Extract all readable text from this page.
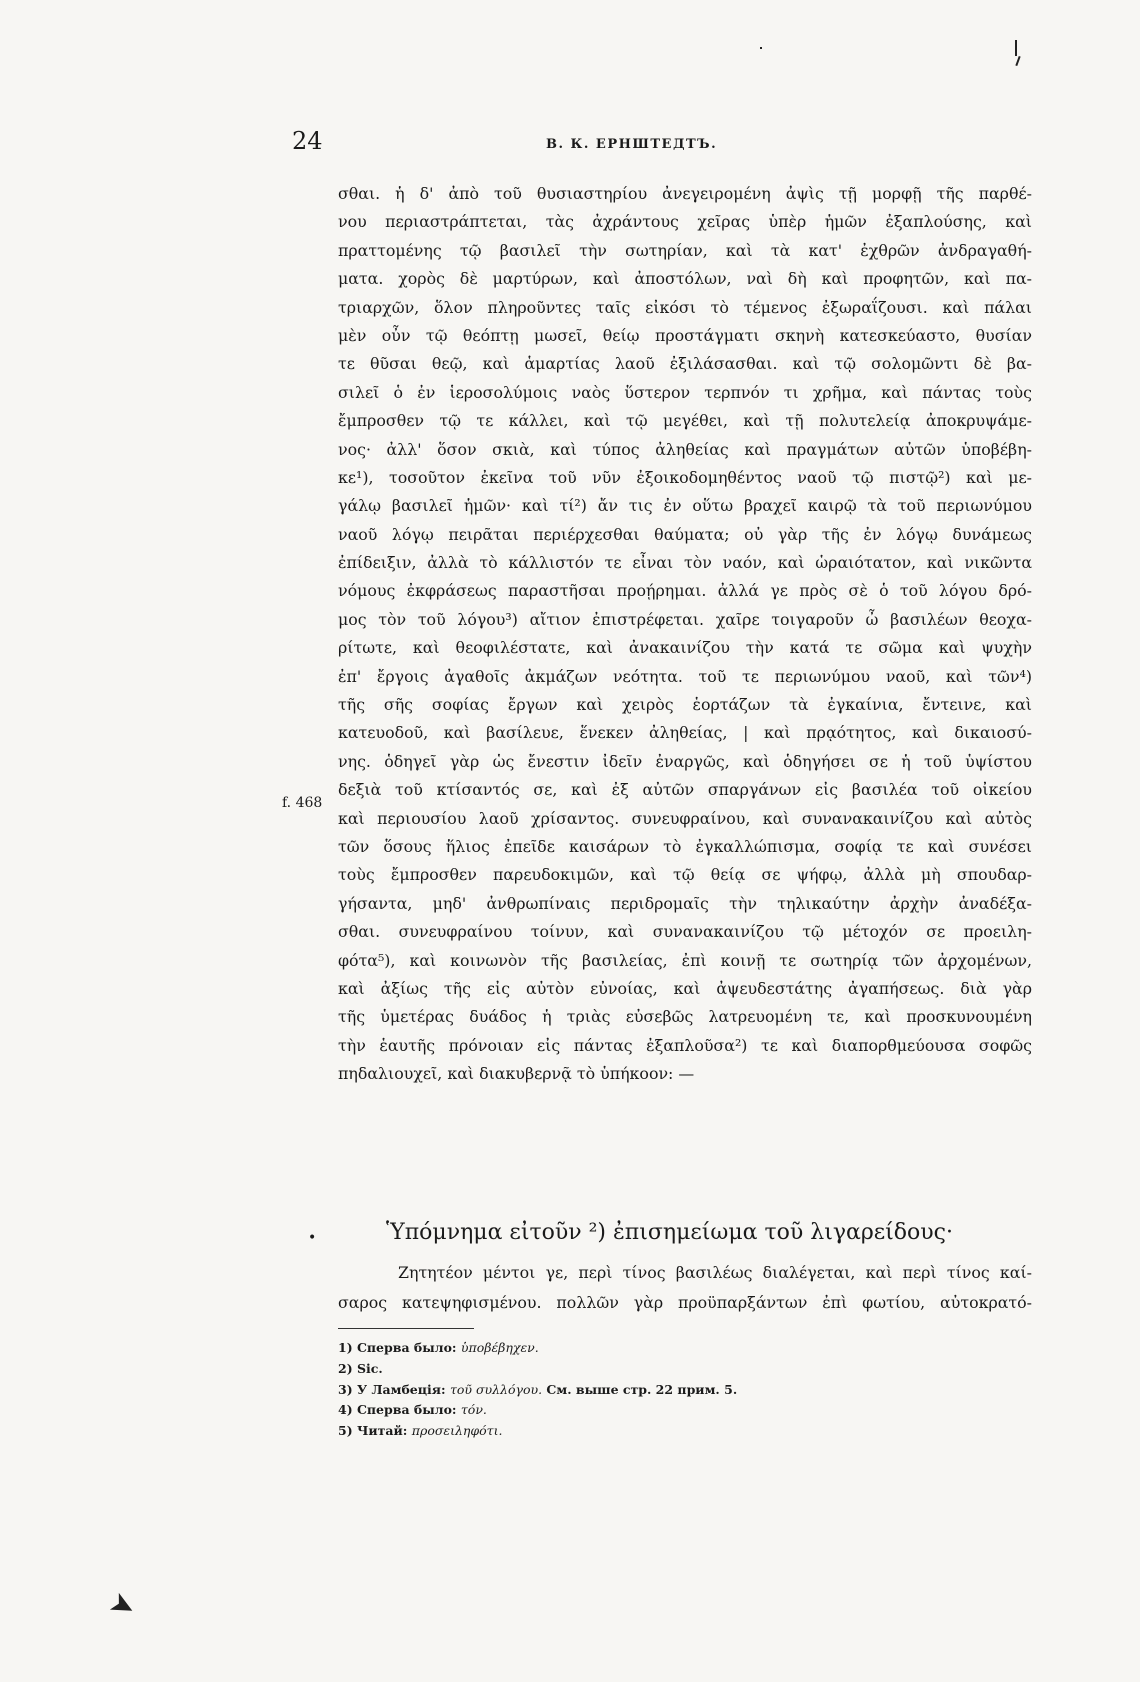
24	В. К. ЕРНШТЕДТЪ.
σθαι. ἡ δ' ἀπὸ τοῦ θυσιαστηρίου ἀνεγειρομένη ἀψὶς τῇ μορφῇ τῆς παρθέ-
νου περιαστράπτεται, τὰς ἀχράντους χεῖρας ὑπὲρ ἡμῶν ἐξαπλούσης, καὶ
πραττομένης τῷ βασιλεῖ τὴν σωτηρίαν, καὶ τὰ κατ' ἐχθρῶν ἀνδραγαθή-
ματα. χορὸς δὲ μαρτύρων, καὶ ἀποστόλων, ναὶ δὴ καὶ προφητῶν, καὶ πα-
τριαρχῶν, ὅλον πληροῦντες ταῖς εἰκόσι τὸ τέμενος ἐξωραΐζουσι. καὶ πάλαι
μὲν οὖν τῷ θεόπτῃ μωσεῖ, θείῳ προστάγματι σκηνὴ κατεσκεύαστο, θυσίαν
τε θῦσαι θεῷ, καὶ ἁμαρτίας λαοῦ ἐξιλάσασθαι. καὶ τῷ σολομῶντι δὲ βα-
σιλεῖ ὁ ἐν ἱεροσολύμοις ναὸς ὕστερον τερπνόν τι χρῆμα, καὶ πάντας τοὺς
ἔμπροσθεν τῷ τε κάλλει, καὶ τῷ μεγέθει, καὶ τῇ πολυτελείᾳ ἀποκρυψάμε-
νος· ἀλλ' ὅσον σκιὰ, καὶ τύπος ἀληθείας καὶ πραγμάτων αὐτῶν ὑποβέβη-
κε¹), τοσοῦτον ἐκεῖνα τοῦ νῦν ἐξοικοδομηθέντος ναοῦ τῷ πιστῷ²) καὶ με-
γάλῳ βασιλεῖ ἡμῶν· καὶ τί²) ἄν τις ἐν οὕτω βραχεῖ καιρῷ τὰ τοῦ περιωνύμου
ναοῦ λόγῳ πειρᾶται περιέρχεσθαι θαύματα; οὐ γὰρ τῆς ἐν λόγῳ δυνάμεως
ἐπίδειξιν, ἀλλὰ τὸ κάλλιστόν τε εἶναι τὸν ναόν, καὶ ὡραιότατον, καὶ νικῶντα
νόμους ἐκφράσεως παραστῆσαι προῄρημαι. ἀλλά γε πρὸς σὲ ὁ τοῦ λόγου δρό-
μος τὸν τοῦ λόγου³) αἴτιον ἐπιστρέφεται. χαῖρε τοιγαροῦν ὦ βασιλέων θεοχα-
ρίτωτε, καὶ θεοφιλέστατε, καὶ ἀνακαινίζου τὴν κατά τε σῶμα καὶ ψυχὴν
ἐπ' ἔργοις ἀγαθοῖς ἀκμάζων νεότητα. τοῦ τε περιωνύμου ναοῦ, καὶ τῶν⁴)
τῆς σῆς σοφίας ἔργων καὶ χειρὸς ἑορτάζων τὰ ἐγκαίνια, ἔντεινε, καὶ
κατευοδοῦ, καὶ βασίλευε, ἕνεκεν ἀληθείας, | καὶ πρᾳότητος, καὶ δικαιοσύ-
νης. ὁδηγεῖ γὰρ ὡς ἔνεστιν ἰδεῖν ἐναργῶς, καὶ ὁδηγήσει σε ἡ τοῦ ὑψίστου
δεξιὰ τοῦ κτίσαντός σε, καὶ ἐξ αὐτῶν σπαργάνων εἰς βασιλέα τοῦ οἰκείου
καὶ περιουσίου λαοῦ χρίσαντος. συνευφραίνου, καὶ συνανακαινίζου καὶ αὐτὸς
τῶν ὅσους ἥλιος ἐπεῖδε καισάρων τὸ ἐγκαλλώπισμα, σοφίᾳ τε καὶ συνέσει
τοὺς ἔμπροσθεν παρευδοκιμῶν, καὶ τῷ θείᾳ σε ψήφῳ, ἀλλὰ μὴ σπουδαρ-
γήσαντα, μηδ' ἀνθρωπίναις περιδρομαῖς τὴν τηλικαύτην ἀρχὴν ἀναδέξα-
σθαι. συνευφραίνου τοίνυν, καὶ συνανακαινίζου τῷ μέτοχόν σε προειλη-
φότα⁵), καὶ κοινωνὸν τῆς βασιλείας, ἐπὶ κοινῇ τε σωτηρίᾳ τῶν ἀρχομένων,
καὶ ἀξίως τῆς εἰς αὐτὸν εὐνοίας, καὶ ἀψευδεστάτης ἀγαπήσεως. διὰ γὰρ
τῆς ὑμετέρας δυάδος ἡ τριὰς εὐσεβῶς λατρευομένη τε, καὶ προσκυνουμένη
τὴν ἑαυτῆς πρόνοιαν εἰς πάντας ἐξαπλοῦσα²) τε καὶ διαπορθμεύουσα σοφῶς
πηδαλιουχεῖ, καὶ διακυβερνᾷ τὸ ὑπήκοον: —
f. 468
•	Ὑπόμνημα εἰτοῦν ²) ἐπισημείωμα τοῦ λιγαρείδους·
Ζητητέον μέντοι γε, περὶ τίνος βασιλέως διαλέγεται, καὶ περὶ τίνος καί-
σαρος κατεψηφισμένου. πολλῶν γὰρ προϋπαρξάντων ἐπὶ φωτίου, αὐτοκρατό-
1) Сперва было: ὑποβέβηχεν.
2) Sic.
3) У Ламбецiя: τοῦ συλλόγου. См. выше стр. 22 прим. 5.
4) Сперва было: τόν.
5) Читай: προσειληφότι.
➤
